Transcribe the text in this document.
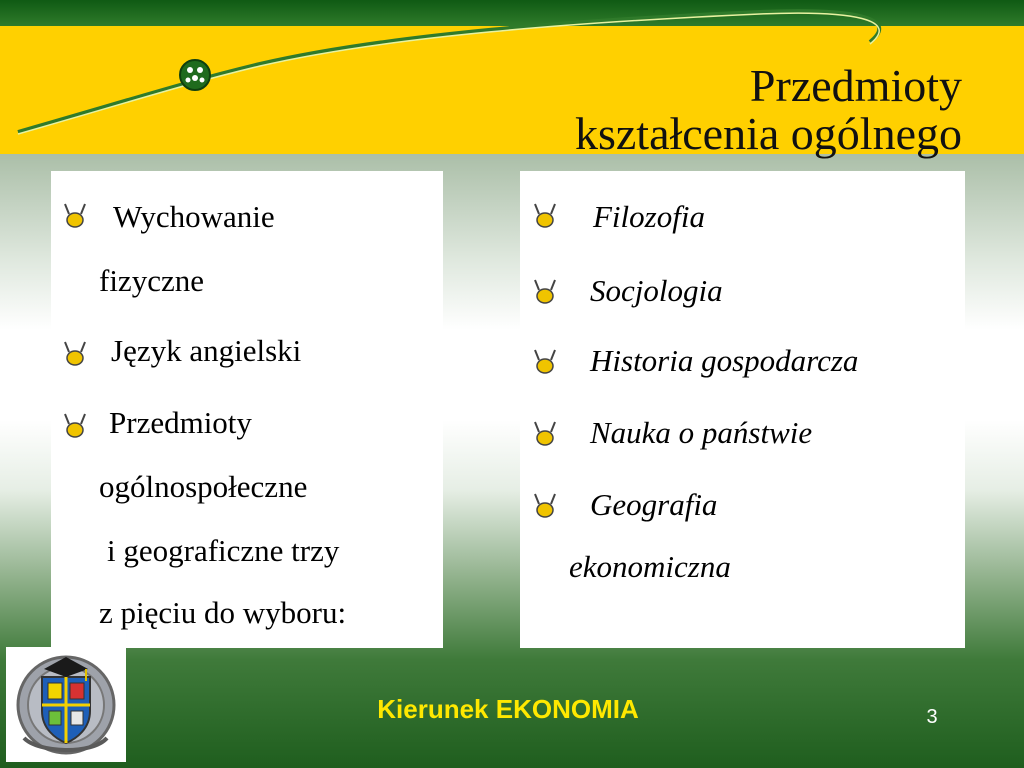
Przedmioty
kształcenia ogólnego
Wychowanie
fizyczne
Język angielski
Przedmioty
ogólnospołeczne
i geograficzne trzy
z pięciu do wyboru:
Filozofia
Socjologia
Historia gospodarcza
Nauka o państwie
Geografia
ekonomiczna
Kierunek EKONOMIA	3
